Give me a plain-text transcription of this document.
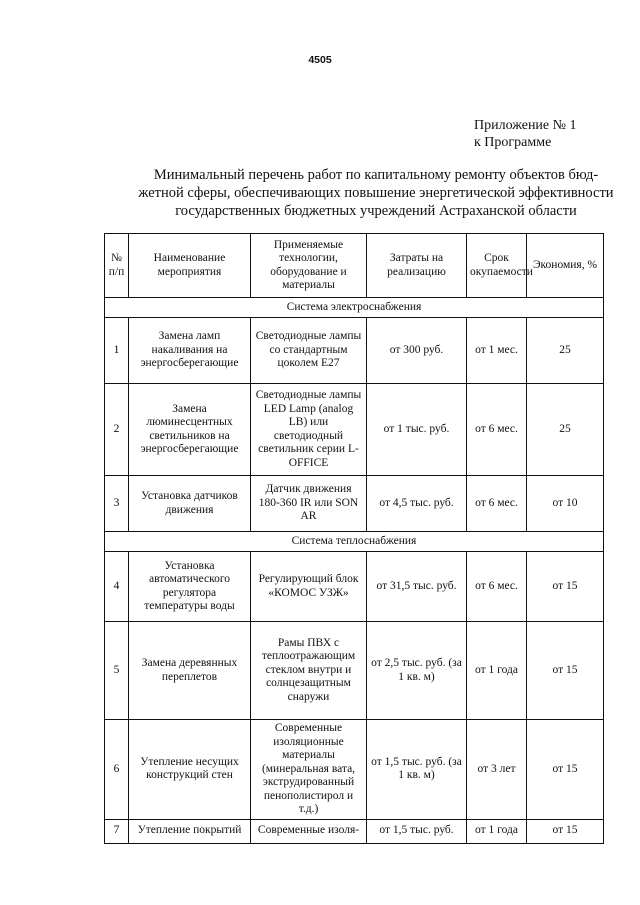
4505
Приложение № 1
к Программе
Минимальный перечень работ по капитальному ремонту объектов бюд-
жетной сферы, обеспечивающих повышение энергетической эффективности
государственных бюджетных учреждений Астраханской области
№ п/п	Наименование мероприятия	Применяемые технологии, оборудование и материалы	Затраты на реализацию	Срок окупаемости	Экономия, %
Система электроснабжения					
1	Замена ламп накаливания на энергосберегающие	Светодиодные лампы со стандартным цоколем Е27	от 300 руб.	от 1 мес.	25
2	Замена люминесцентных светильников на энергосберегающие	Светодиодные лампы LED Lamp (analog LB) или светодиодный светильник серии L-OFFICE	от 1 тыс. руб.	от 6 мес.	25
3	Установка датчиков движения	Датчик движения 180-360 IR или SON AR	от 4,5 тыс. руб.	от 6 мес.	от 10
Система теплоснабжения					
4	Установка автоматического регулятора температуры воды	Регулирующий блок «КОМОС УЗЖ»	от 31,5 тыс. руб.	от 6 мес.	от 15
5	Замена деревянных переплетов	Рамы ПВХ с теплоотражающим стеклом внутри и солнцезащитным снаружи	от 2,5 тыс. руб. (за 1 кв. м)	от 1 года	от 15
6	Утепление несущих конструкций стен	Современные изоляционные материалы (минеральная вата, экструдированный пенополистирол и т.д.)	от 1,5 тыс. руб. (за 1 кв. м)	от 3 лет	от 15
7	Утепление покрытий	Современные изоля-	от 1,5 тыс. руб.	от 1 года	от 15
